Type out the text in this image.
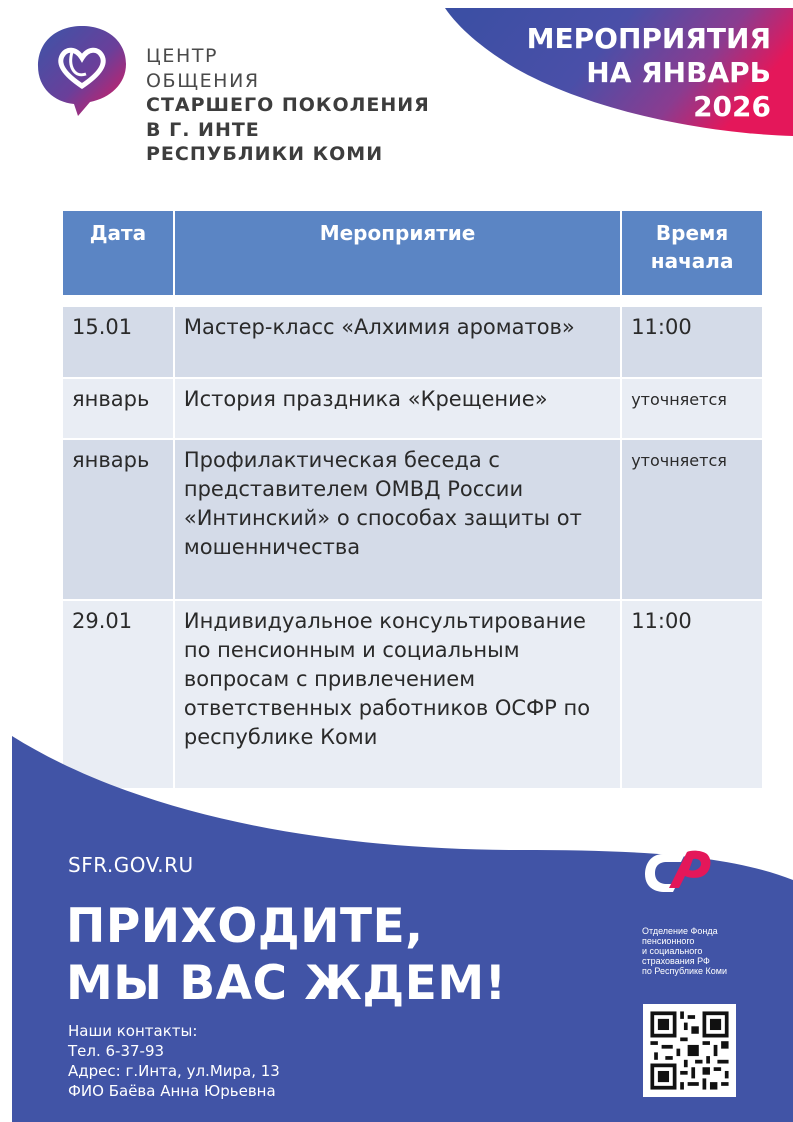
ЦЕНТР
ОБЩЕНИЯ
СТАРШЕГО ПОКОЛЕНИЯ
В Г. ИНТЕ
РЕСПУБЛИКИ КОМИ
МЕРОПРИЯТИЯ
НА ЯНВАРЬ
2026
Дата	Мероприятие	Время начала

15.01	Мастер-класс «Алхимия ароматов»	11:00
январь	История праздника «Крещение»	уточняется
январь	Профилактическая беседа с представителем ОМВД России «Интинский» о способах защиты от мошенничества	уточняется
29.01	Индивидуальное консультирование по пенсионным и социальным вопросам с привлечением ответственных работников ОСФР по республике Коми	11:00
SFR.GOV.RU
ПРИХОДИТЕ,
МЫ ВАС ЖДЕМ!
Наши контакты:
Тел. 6-37-93
Адрес: г.Инта, ул.Мира, 13
ФИО Баёва Анна Юрьевна
Отделение Фонда
пенсионного
и социального
страхования РФ
по Республике Коми
